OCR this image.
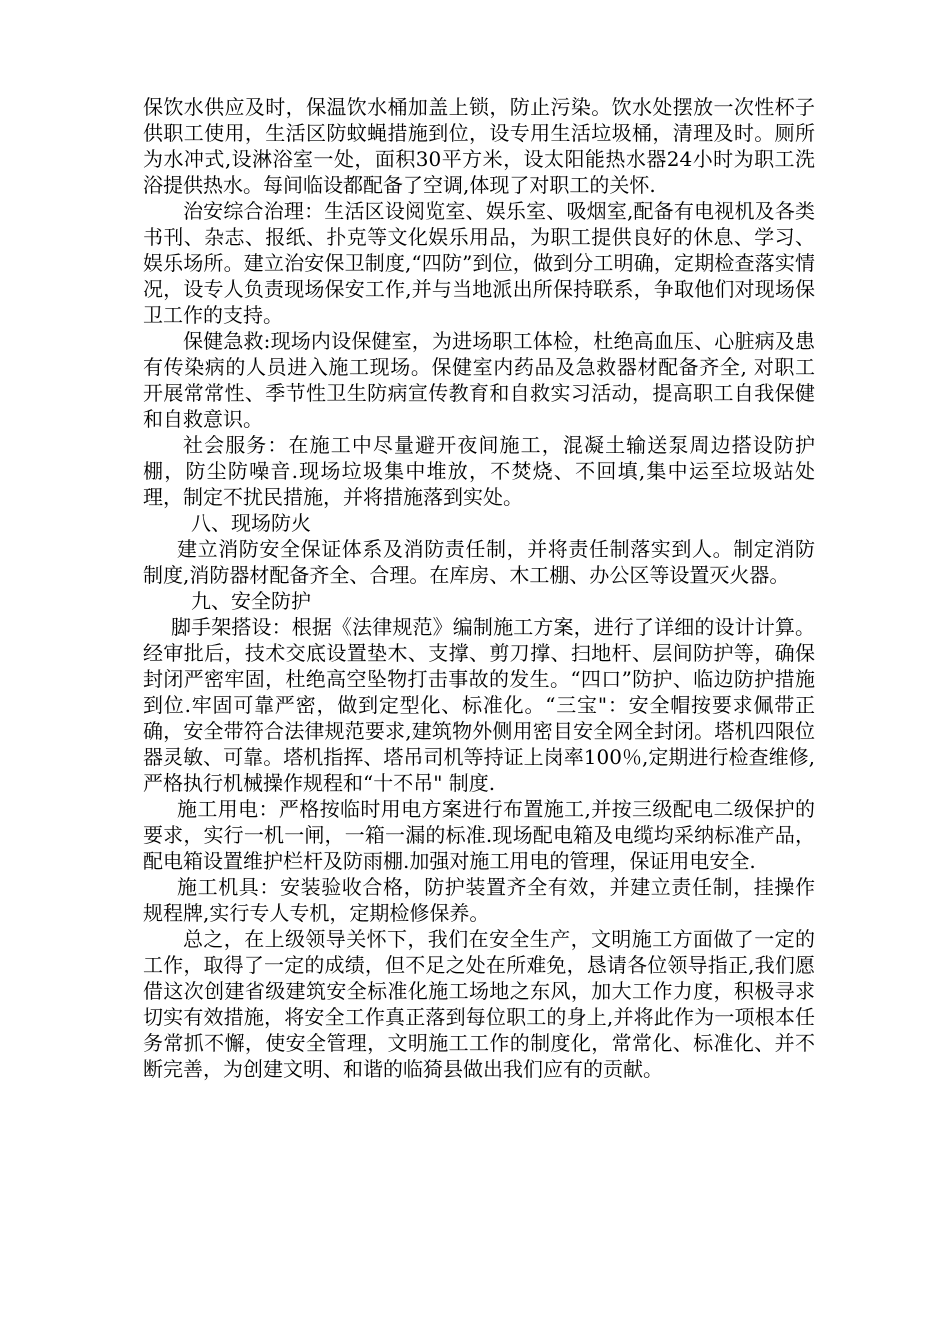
保饮水供应及时，保温饮水桶加盖上锁，防止污染。饮水处摆放一次性杯子供职工使用，生活区防蚊蝇措施到位，设专用生活垃圾桶，清理及时。厕所为水冲式,设淋浴室一处，面积30平方米，设太阳能热水器24小时为职工洗浴提供热水。每间临设都配备了空调,体现了对职工的关怀.

治安综合治理：生活区设阅览室、娱乐室、吸烟室,配备有电视机及各类书刊、杂志、报纸、扑克等文化娱乐用品，为职工提供良好的休息、学习、娱乐场所。建立治安保卫制度,“四防”到位，做到分工明确，定期检查落实情况，设专人负责现场保安工作,并与当地派出所保持联系，争取他们对现场保卫工作的支持。

保健急救:现场内设保健室，为进场职工体检，杜绝高血压、心脏病及患有传染病的人员进入施工现场。保健室内药品及急救器材配备齐全, 对职工开展常常性、季节性卫生防病宣传教育和自救实习活动，提高职工自我保健和自救意识。

社会服务：在施工中尽量避开夜间施工，混凝土输送泵周边搭设防护棚，防尘防噪音.现场垃圾集中堆放，不焚烧、不回填,集中运至垃圾站处理，制定不扰民措施，并将措施落到实处。

八、现场防火

建立消防安全保证体系及消防责任制，并将责任制落实到人。制定消防制度,消防器材配备齐全、合理。在库房、木工棚、办公区等设置灭火器。

九、安全防护

脚手架搭设：根据《法律规范》编制施工方案，进行了详细的设计计算。经审批后，技术交底设置垫木、支撑、剪刀撑、扫地杆、层间防护等，确保封闭严密牢固，杜绝高空坠物打击事故的发生。“四口”防护、临边防护措施到位.牢固可靠严密，做到定型化、标准化。“三宝"：安全帽按要求佩带正确，安全带符合法律规范要求,建筑物外侧用密目安全网全封闭。塔机四限位器灵敏、可靠。塔机指挥、塔吊司机等持证上岗率100％,定期进行检查维修,严格执行机械操作规程和“十不吊" 制度.

施工用电：严格按临时用电方案进行布置施工,并按三级配电二级保护的要求，实行一机一闸，一箱一漏的标准.现场配电箱及电缆均采纳标准产品，配电箱设置维护栏杆及防雨棚.加强对施工用电的管理，保证用电安全.

施工机具：安装验收合格，防护装置齐全有效，并建立责任制，挂操作规程牌,实行专人专机，定期检修保养。

总之，在上级领导关怀下，我们在安全生产，文明施工方面做了一定的工作，取得了一定的成绩，但不足之处在所难免，恳请各位领导指正,我们愿借这次创建省级建筑安全标准化施工场地之东风，加大工作力度，积极寻求切实有效措施，将安全工作真正落到每位职工的身上,并将此作为一项根本任务常抓不懈，使安全管理，文明施工工作的制度化，常常化、标准化、并不断完善，为创建文明、和谐的临猗县做出我们应有的贡献。
